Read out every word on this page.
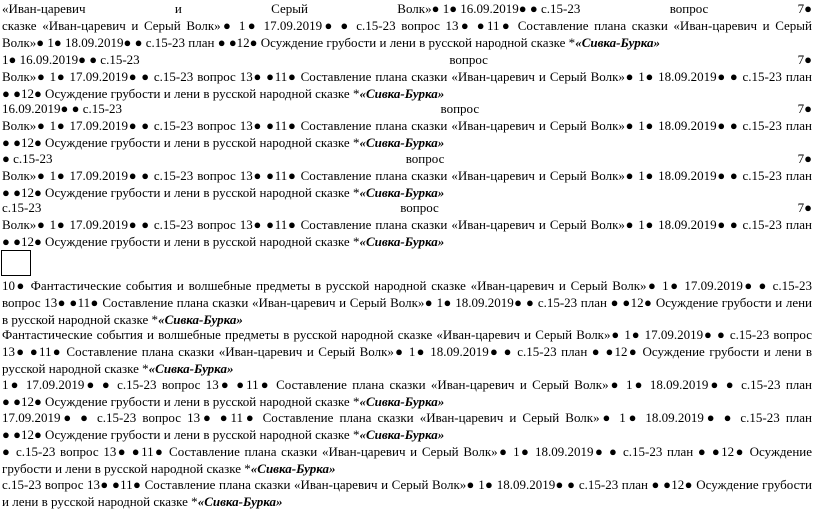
«Иван-царевич	и	Серый	Волк»● 1● 16.09.2019● ● с.15-23	вопрос	7●
сказке «Иван-царевич и Серый Волк»● 1● 17.09.2019● ● с.15-23 вопрос 13● ●11● Составление плана сказки «Иван-царевич и Серый
Волк»● 1● 18.09.2019● ● с.15-23 план ● ●12● Осуждение грубости и лени в русской народной сказке *«Сивка-Бурка»
1● 16.09.2019● ● с.15-23	вопрос	7●
Волк»● 1● 17.09.2019● ● с.15-23 вопрос 13● ●11● Составление плана сказки «Иван-царевич и Серый Волк»● 1● 18.09.2019● ● с.15-23 план
● ●12● Осуждение грубости и лени в русской народной сказке *«Сивка-Бурка»
16.09.2019● ● с.15-23	вопрос	7●
Волк»● 1● 17.09.2019● ● с.15-23 вопрос 13● ●11● Составление плана сказки «Иван-царевич и Серый Волк»● 1● 18.09.2019● ● с.15-23 план
● ●12● Осуждение грубости и лени в русской народной сказке *«Сивка-Бурка»
● с.15-23	вопрос	7●
Волк»● 1● 17.09.2019● ● с.15-23 вопрос 13● ●11● Составление плана сказки «Иван-царевич и Серый Волк»● 1● 18.09.2019● ● с.15-23 план
● ●12● Осуждение грубости и лени в русской народной сказке *«Сивка-Бурка»
с.15-23	вопрос	7●
Волк»● 1● 17.09.2019● ● с.15-23 вопрос 13● ●11● Составление плана сказки «Иван-царевич и Серый Волк»● 1● 18.09.2019● ● с.15-23 план
● ●12● Осуждение грубости и лени в русской народной сказке *«Сивка-Бурка»
10● Фантастические события и волшебные предметы в русской народной сказке «Иван-царевич и Серый Волк»● 1● 17.09.2019● ● с.15-23
вопрос 13● ●11● Составление плана сказки «Иван-царевич и Серый Волк»● 1● 18.09.2019● ● с.15-23 план ● ●12● Осуждение грубости и лени
в русской народной сказке *«Сивка-Бурка»
Фантастические события и волшебные предметы в русской народной сказке «Иван-царевич и Серый Волк»● 1● 17.09.2019● ● с.15-23 вопрос
13● ●11● Составление плана сказки «Иван-царевич и Серый Волк»● 1● 18.09.2019● ● с.15-23 план ● ●12● Осуждение грубости и лени в
русской народной сказке *«Сивка-Бурка»
1● 17.09.2019● ● с.15-23 вопрос 13● ●11● Составление плана сказки «Иван-царевич и Серый Волк»● 1● 18.09.2019● ● с.15-23 план
● ●12● Осуждение грубости и лени в русской народной сказке *«Сивка-Бурка»
17.09.2019● ● с.15-23 вопрос 13● ●11● Составление плана сказки «Иван-царевич и Серый Волк»● 1● 18.09.2019● ● с.15-23 план
● ●12● Осуждение грубости и лени в русской народной сказке *«Сивка-Бурка»
● с.15-23 вопрос 13● ●11● Составление плана сказки «Иван-царевич и Серый Волк»● 1● 18.09.2019● ● с.15-23 план ● ●12● Осуждение
грубости и лени в русской народной сказке *«Сивка-Бурка»
с.15-23 вопрос 13● ●11● Составление плана сказки «Иван-царевич и Серый Волк»● 1● 18.09.2019● ● с.15-23 план ● ●12● Осуждение грубости
и лени в русской народной сказке *«Сивка-Бурка»
